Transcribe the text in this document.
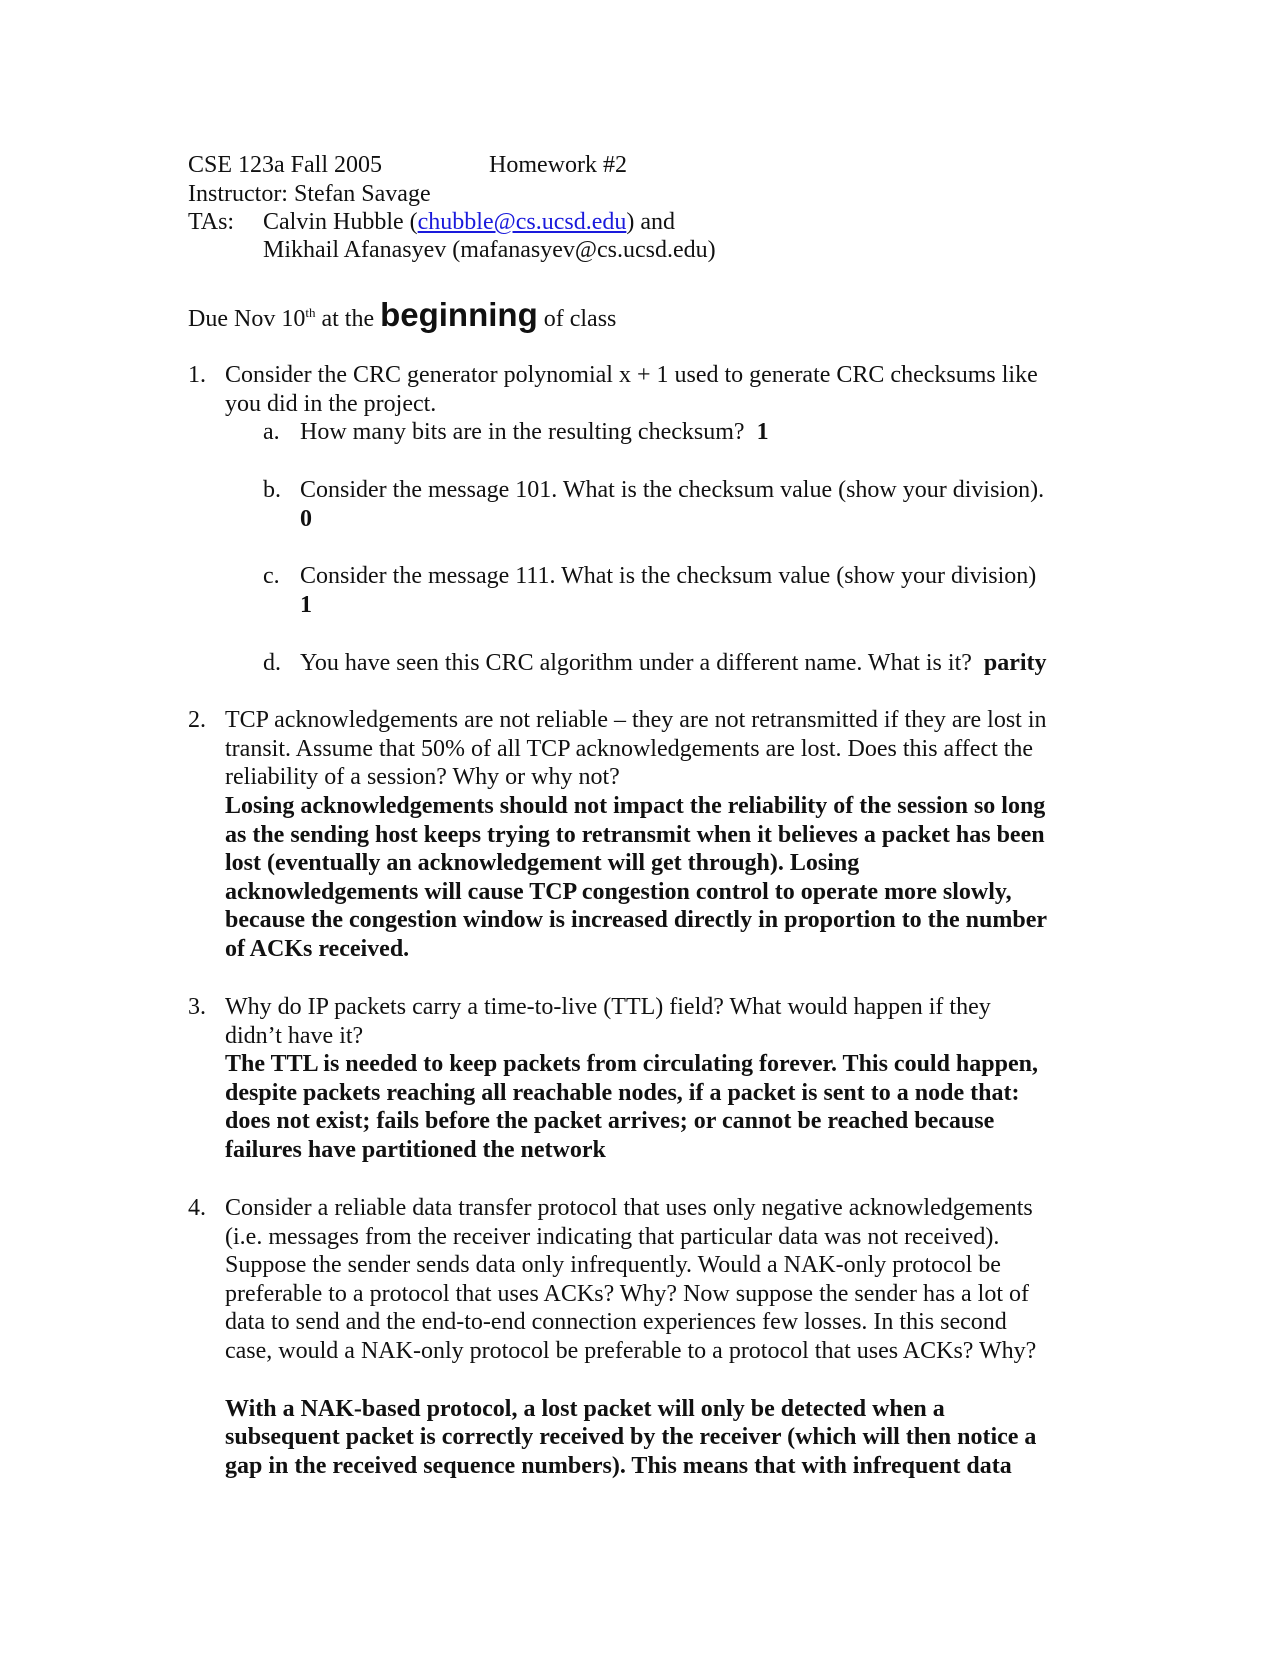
CSE 123a Fall 2005	Homework #2
Instructor: Stefan Savage
TAs: Calvin Hubble (chubble@cs.ucsd.edu) and
Mikhail Afanasyev (mafanasyev@cs.ucsd.edu)
Due Nov 10th at the beginning of class
1. Consider the CRC generator polynomial x + 1 used to generate CRC checksums like
you did in the project.
a. How many bits are in the resulting checksum? 1
b. Consider the message 101. What is the checksum value (show your division).
0
c. Consider the message 111. What is the checksum value (show your division)
1
d. You have seen this CRC algorithm under a different name. What is it? parity
2. TCP acknowledgements are not reliable – they are not retransmitted if they are lost in
transit. Assume that 50% of all TCP acknowledgements are lost. Does this affect the
reliability of a session? Why or why not?
Losing acknowledgements should not impact the reliability of the session so long
as the sending host keeps trying to retransmit when it believes a packet has been
lost (eventually an acknowledgement will get through). Losing
acknowledgements will cause TCP congestion control to operate more slowly,
because the congestion window is increased directly in proportion to the number
of ACKs received.
3. Why do IP packets carry a time-to-live (TTL) field? What would happen if they
didn’t have it?
The TTL is needed to keep packets from circulating forever. This could happen,
despite packets reaching all reachable nodes, if a packet is sent to a node that:
does not exist; fails before the packet arrives; or cannot be reached because
failures have partitioned the network
4. Consider a reliable data transfer protocol that uses only negative acknowledgements
(i.e. messages from the receiver indicating that particular data was not received).
Suppose the sender sends data only infrequently. Would a NAK-only protocol be
preferable to a protocol that uses ACKs? Why? Now suppose the sender has a lot of
data to send and the end-to-end connection experiences few losses. In this second
case, would a NAK-only protocol be preferable to a protocol that uses ACKs? Why?
With a NAK-based protocol, a lost packet will only be detected when a
subsequent packet is correctly received by the receiver (which will then notice a
gap in the received sequence numbers). This means that with infrequent data
